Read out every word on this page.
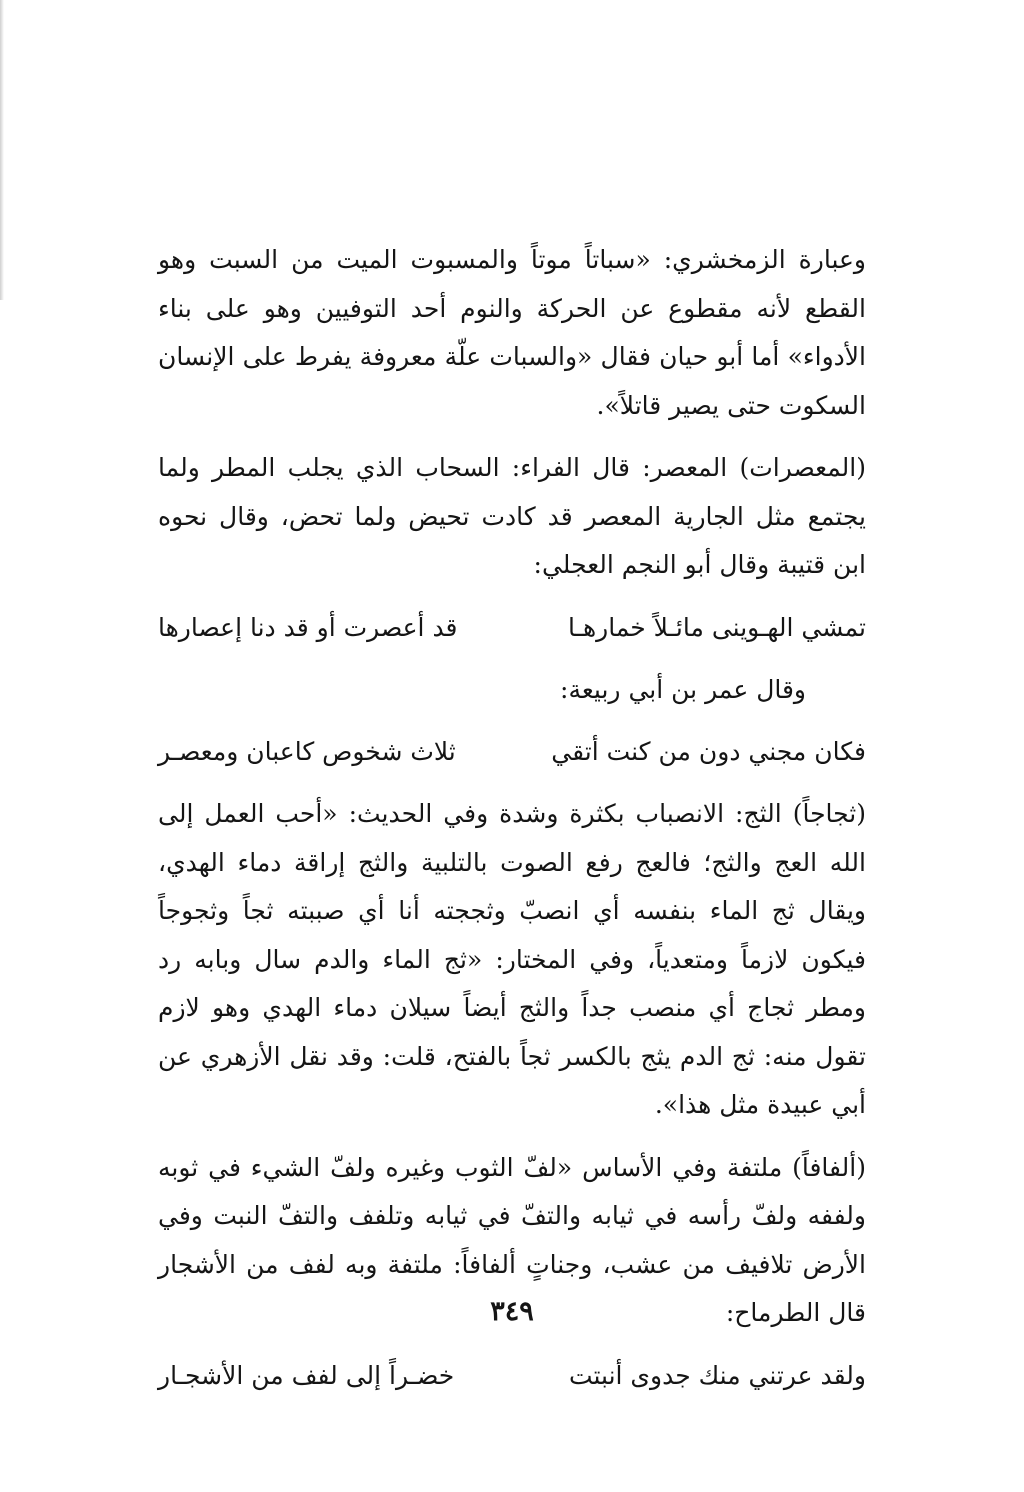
وعبارة الزمخشري: «سباتاً موتاً والمسبوت الميت من السبت وهو القطع لأنه مقطوع عن الحركة والنوم أحد التوفيين وهو على بناء الأدواء» أما أبو حيان فقال «والسبات علّة معروفة يفرط على الإنسان السكوت حتى يصير قاتلاً».

(المعصرات) المعصر: قال الفراء: السحاب الذي يجلب المطر ولما يجتمع مثل الجارية المعصر قد كادت تحيض ولما تحض، وقال نحوه ابن قتيبة وقال أبو النجم العجلي:

تمشي الهـوينى مائـلاً خمارهـا
قد أعصرت أو قد دنا إعصارها
وقال عمر بن أبي ربيعة:
فكان مجني دون من كنت أتقي
ثلاث شخوص كاعبان ومعصـر

(ثجاجاً) الثج: الانصباب بكثرة وشدة وفي الحديث: «أحب العمل إلى الله العج والثج؛ فالعج رفع الصوت بالتلبية والثج إراقة دماء الهدي، ويقال ثج الماء بنفسه أي انصبّ وثججته أنا أي صببته ثجاً وثجوجاً فيكون لازماً ومتعدياً، وفي المختار: «ثج الماء والدم سال وبابه رد ومطر ثجاج أي منصب جداً والثج أيضاً سيلان دماء الهدي وهو لازم تقول منه: ثج الدم يثج بالكسر ثجاً بالفتح، قلت: وقد نقل الأزهري عن أبي عبيدة مثل هذا».

(ألفافاً) ملتفة وفي الأساس «لفّ الثوب وغيره ولفّ الشيء في ثوبه ولففه ولفّ رأسه في ثيابه والتفّ في ثيابه وتلفف والتفّ النبت وفي الأرض تلافيف من عشب، وجناتٍ ألفافاً: ملتفة وبه لفف من الأشجار قال الطرماح:

ولقد عرتني منك جدوى أنبتت
خضـراً إلى لفف من الأشجـار
٣٤٩
